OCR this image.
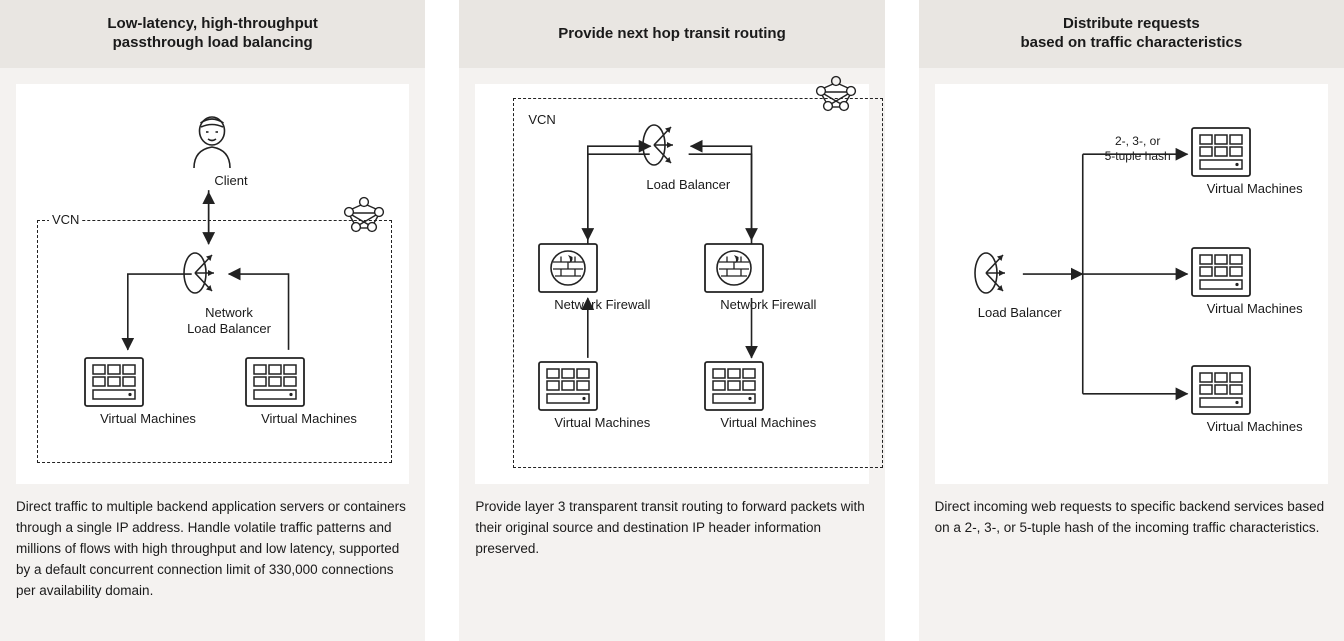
Low-latency, high-throughput
passthrough load balancing
Client
VCN
Network
Load Balancer
Virtual Machines	Virtual Machines
Direct traffic to multiple backend application servers or containers through a single IP address. Handle volatile traffic patterns and millions of flows with high throughput and low latency, supported by a default concurrent connection limit of 330,000 connections per availability domain.
Provide next hop transit routing
VCN
Load Balancer
Network Firewall	Network Firewall
Virtual Machines	Virtual Machines
Provide layer 3 transparent transit routing to forward packets with their original source and destination IP header information preserved.
Distribute requests
based on traffic characteristics
Load Balancer
2-, 3-, or
5-tuple hash
Virtual Machines
Virtual Machines
Virtual Machines
Direct incoming web requests to specific backend services based on a 2-, 3-, or 5-tuple hash of the incoming traffic characteristics.
